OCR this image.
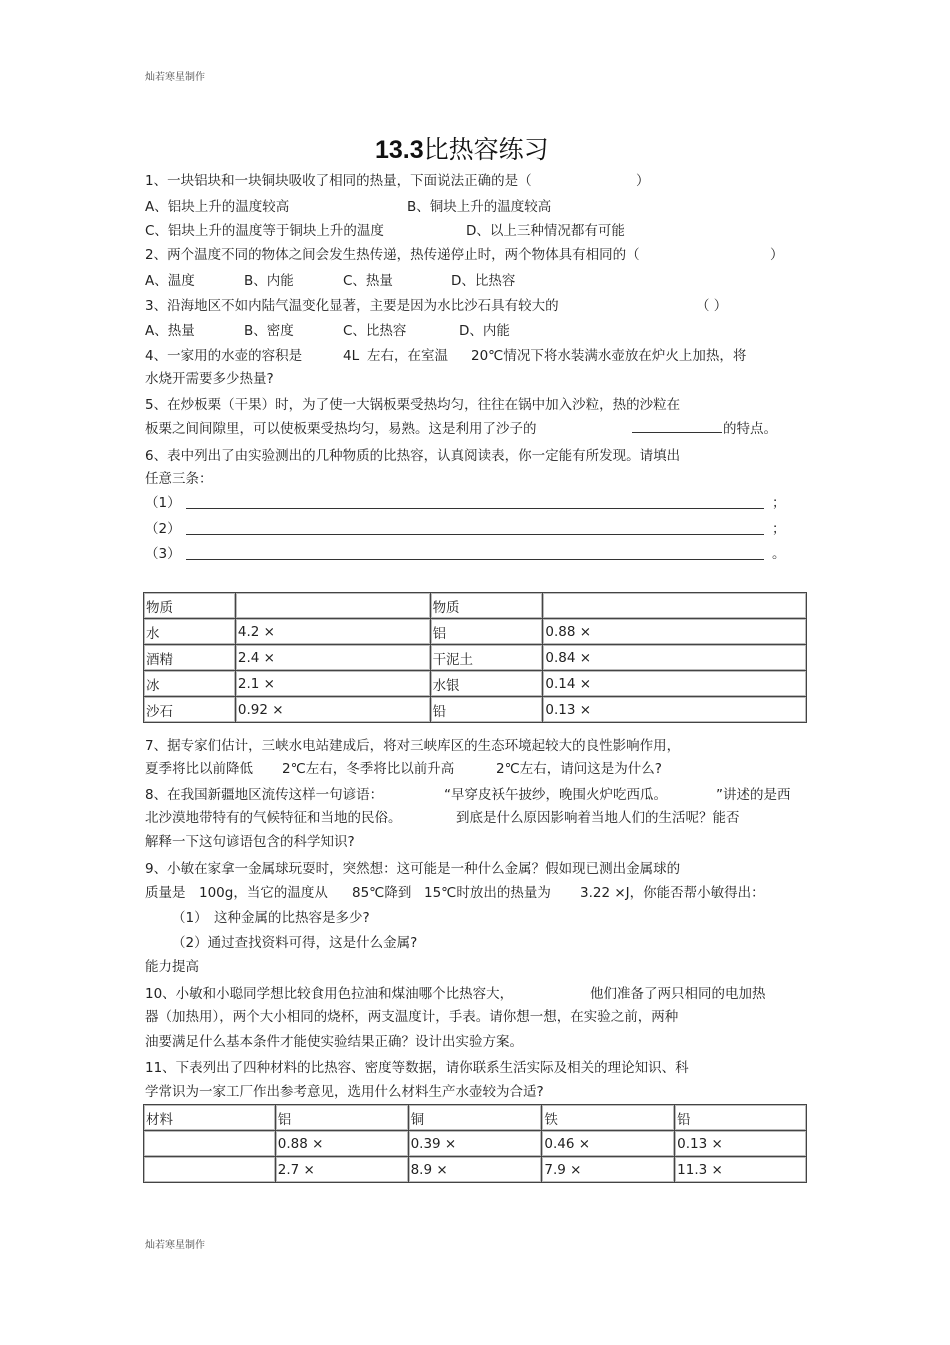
灿若寒星制作
13.3比热容练习
1、一块铝块和一块铜块吸收了相同的热量，下面说法正确的是（	）
A、铝块上升的温度较高	B、铜块上升的温度较高
C、铝块上升的温度等于铜块上升的温度	D、以上三种情况都有可能
2、两个温度不同的物体之间会发生热传递，热传递停止时，两个物体具有相同的（	）
A、温度	B、内能	C、热量	D、比热容
3、沿海地区不如内陆气温变化显著，主要是因为水比沙石具有较大的	（ ）
A、热量	B、密度	C、比热容	D、内能
4、一家用的水壶的容积是	4L 左右，在室温 20℃情况下将水装满水壶放在炉火上加热，将
水烧开需要多少热量?
5、在炒板栗（干果）时，为了使一大锅板栗受热均匀，往往在锅中加入沙粒，热的沙粒在
板栗之间间隙里，可以使板栗受热均匀，易熟。这是利用了沙子的	的特点。
6、表中列出了由实验测出的几种物质的比热容，认真阅读表，你一定能有所发现。请填出
任意三条：
（1）	；
（2）	；
（3）	。
物质		物质	
水	4.2 ×	铝	0.88 ×
酒精	2.4 ×	干泥土	0.84 ×
冰	2.1 ×	水银	0.14 ×
沙石	0.92 ×	铅	0.13 ×
7、据专家们估计，三峡水电站建成后，将对三峡库区的生态环境起较大的良性影响作用，
夏季将比以前降低 2℃左右，冬季将比以前升高	2℃左右，请问这是为什么?
8、在我国新疆地区流传这样一句谚语：	“早穿皮袄午披纱，晚围火炉吃西瓜。	”讲述的是西
北沙漠地带特有的气候特征和当地的民俗。	到底是什么原因影响着当地人们的生活呢？能否
解释一下这句谚语包含的科学知识?
9、小敏在家拿一金属球玩耍时，突然想：这可能是一种什么金属？假如现已测出金属球的
质量是 100g，当它的温度从 85℃降到 15℃时放出的热量为 3.22 ×J，你能否帮小敏得出：
（1） 这种金属的比热容是多少?
（2）通过查找资料可得，这是什么金属?
能力提高
10、小敏和小聪同学想比较食用色拉油和煤油哪个比热容大，	他们准备了两只相同的电加热
器（加热用），两个大小相同的烧杯，两支温度计，手表。请你想一想，在实验之前，两种
油要满足什么基本条件才能使实验结果正确？设计出实验方案。
11、下表列出了四种材料的比热容、密度等数据，请你联系生活实际及相关的理论知识、科
学常识为一家工厂作出参考意见，选用什么材料生产水壶较为合适?
材料	铝	铜	铁	铅
	0.88 ×	0.39 ×	0.46 ×	0.13 ×
	2.7 ×	8.9 ×	7.9 ×	11.3 ×
灿若寒星制作
